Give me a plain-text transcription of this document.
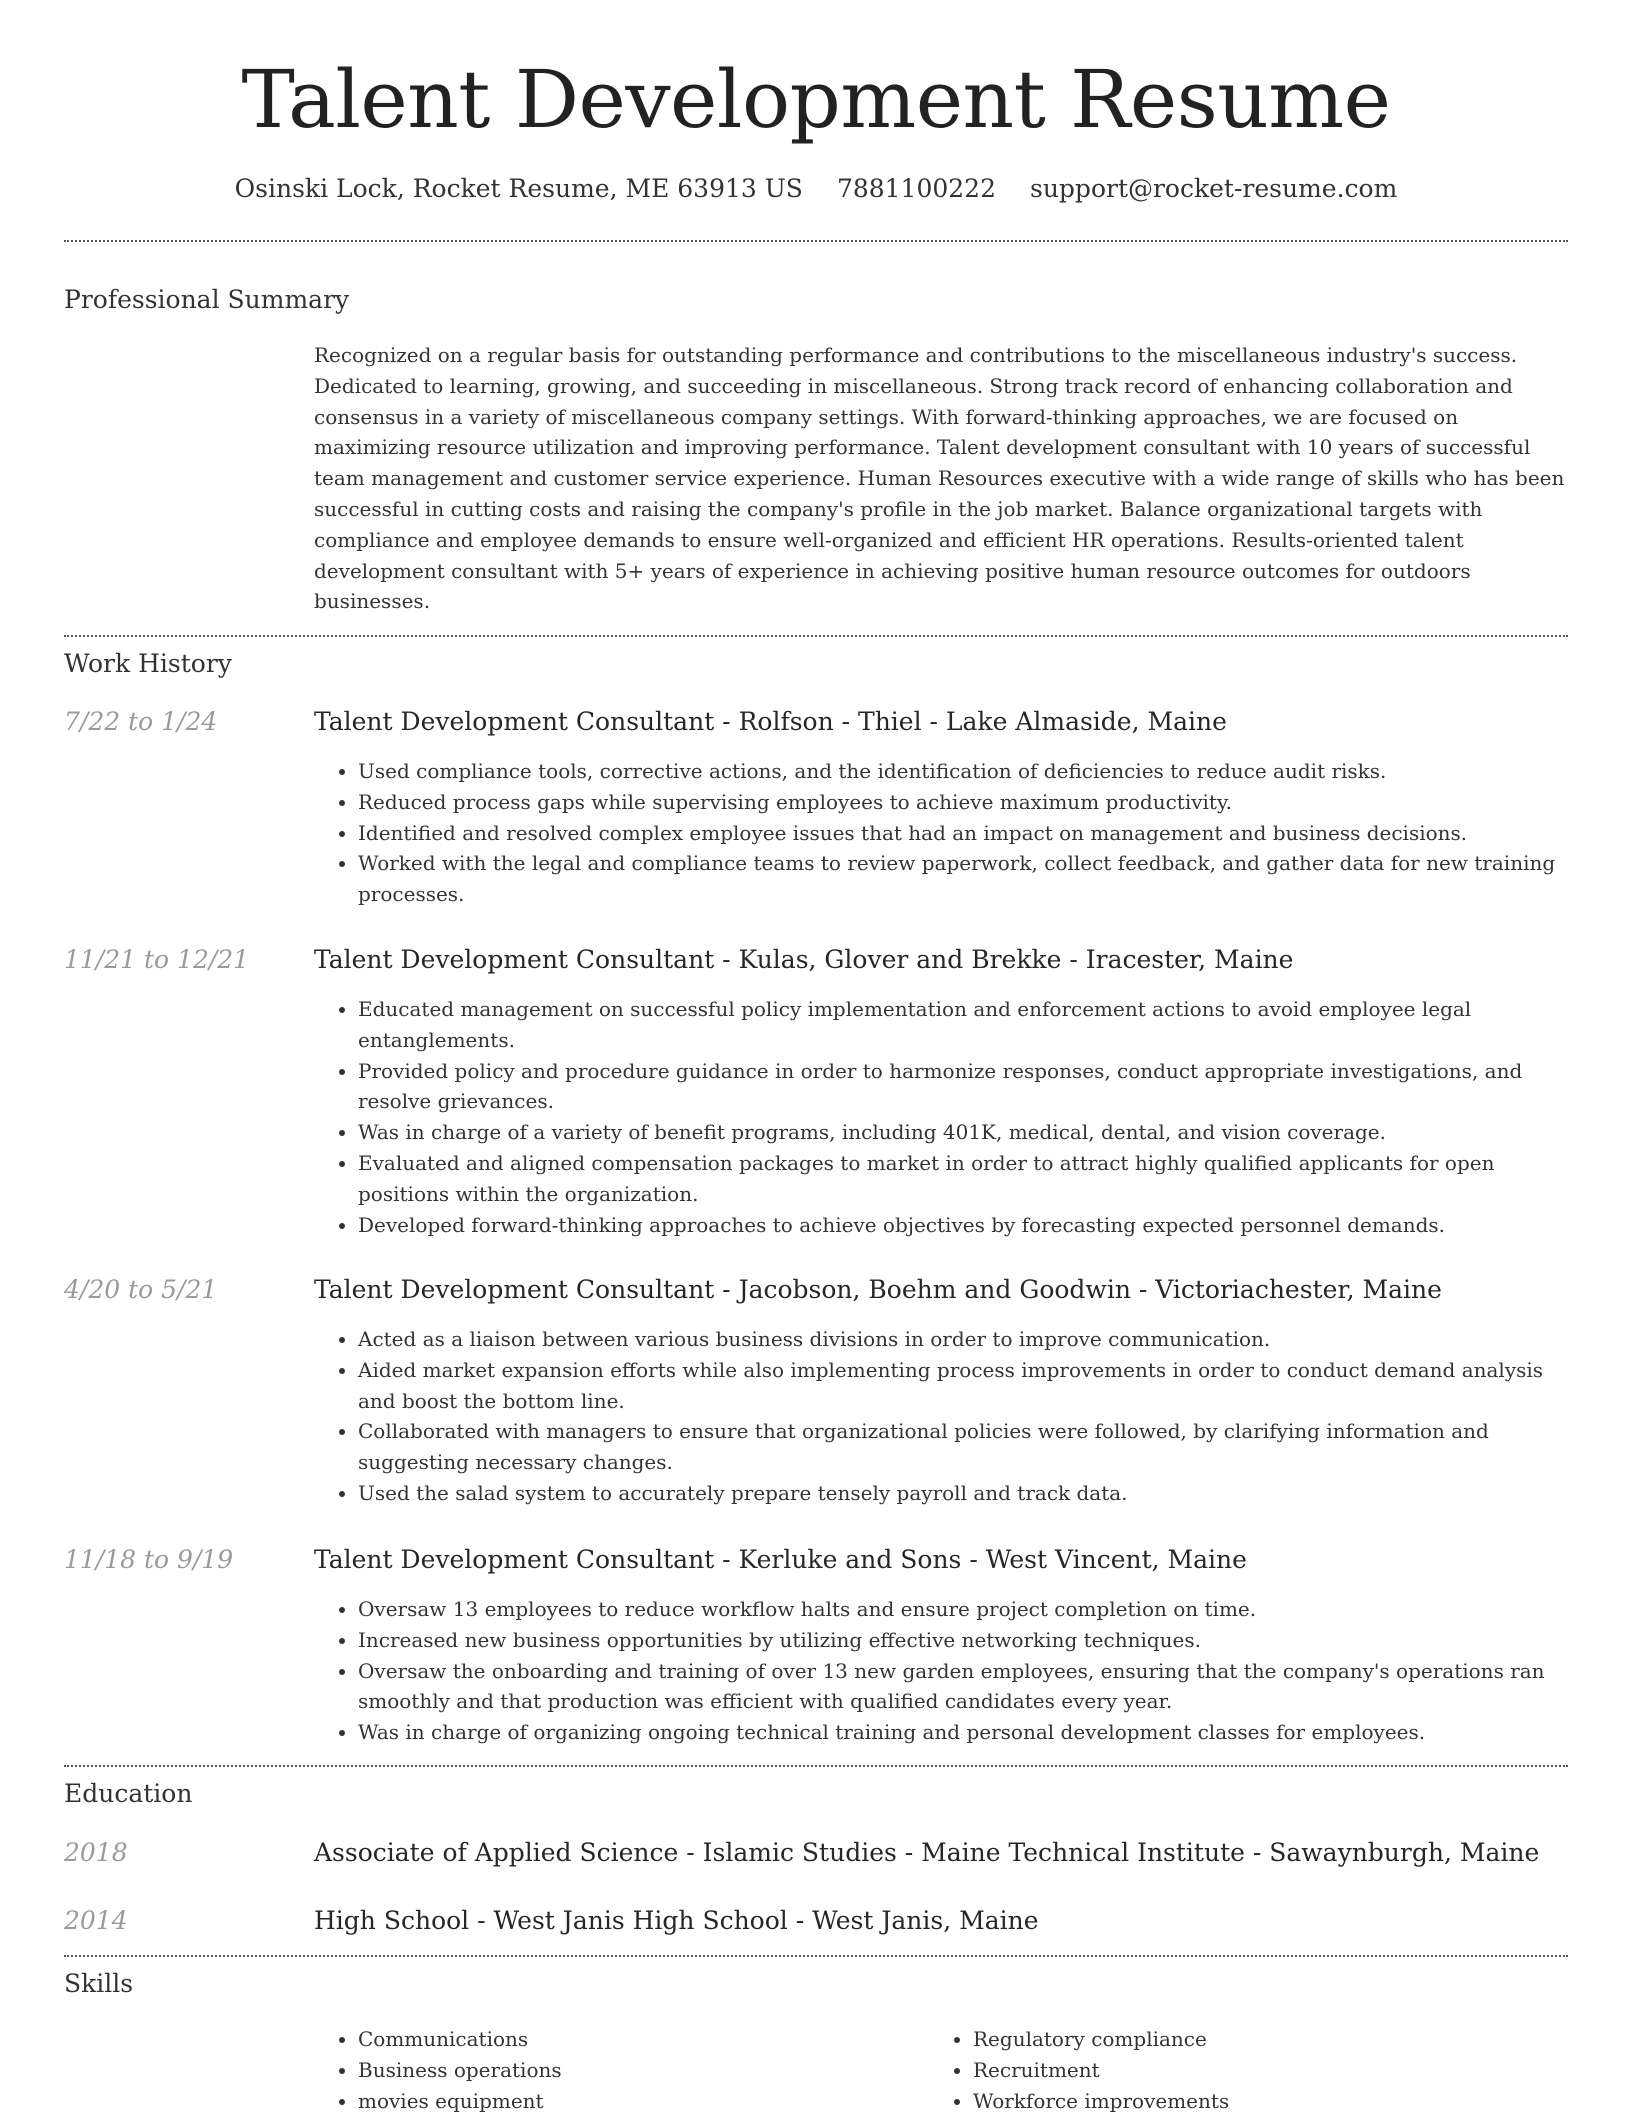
Talent Development Resume
Osinski Lock, Rocket Resume, ME 63913 US 7881100222 support@rocket-resume.com
Professional Summary
Recognized on a regular basis for outstanding performance and contributions to the miscellaneous industry's success. Dedicated to learning, growing, and succeeding in miscellaneous. Strong track record of enhancing collaboration and consensus in a variety of miscellaneous company settings. With forward-thinking approaches, we are focused on maximizing resource utilization and improving performance. Talent development consultant with 10 years of successful team management and customer service experience. Human Resources executive with a wide range of skills who has been successful in cutting costs and raising the company's profile in the job market. Balance organizational targets with compliance and employee demands to ensure well-organized and efficient HR operations. Results-oriented talent development consultant with 5+ years of experience in achieving positive human resource outcomes for outdoors businesses.
Work History
7/22 to 1/24	Talent Development Consultant - Rolfson - Thiel - Lake Almaside, Maine
• Used compliance tools, corrective actions, and the identification of deficiencies to reduce audit risks.
• Reduced process gaps while supervising employees to achieve maximum productivity.
• Identified and resolved complex employee issues that had an impact on management and business decisions.
• Worked with the legal and compliance teams to review paperwork, collect feedback, and gather data for new training processes.
11/21 to 12/21	Talent Development Consultant - Kulas, Glover and Brekke - Iracester, Maine
• Educated management on successful policy implementation and enforcement actions to avoid employee legal entanglements.
• Provided policy and procedure guidance in order to harmonize responses, conduct appropriate investigations, and resolve grievances.
• Was in charge of a variety of benefit programs, including 401K, medical, dental, and vision coverage.
• Evaluated and aligned compensation packages to market in order to attract highly qualified applicants for open positions within the organization.
• Developed forward-thinking approaches to achieve objectives by forecasting expected personnel demands.
4/20 to 5/21	Talent Development Consultant - Jacobson, Boehm and Goodwin - Victoriachester, Maine
• Acted as a liaison between various business divisions in order to improve communication.
• Aided market expansion efforts while also implementing process improvements in order to conduct demand analysis and boost the bottom line.
• Collaborated with managers to ensure that organizational policies were followed, by clarifying information and suggesting necessary changes.
• Used the salad system to accurately prepare tensely payroll and track data.
11/18 to 9/19	Talent Development Consultant - Kerluke and Sons - West Vincent, Maine
• Oversaw 13 employees to reduce workflow halts and ensure project completion on time.
• Increased new business opportunities by utilizing effective networking techniques.
• Oversaw the onboarding and training of over 13 new garden employees, ensuring that the company's operations ran smoothly and that production was efficient with qualified candidates every year.
• Was in charge of organizing ongoing technical training and personal development classes for employees.
Education
2018	Associate of Applied Science - Islamic Studies - Maine Technical Institute - Sawaynburgh, Maine
2014	High School - West Janis High School - West Janis, Maine
Skills
• Communications
• Business operations
• movies equipment
• Regulatory compliance
• Recruitment
• Workforce improvements
